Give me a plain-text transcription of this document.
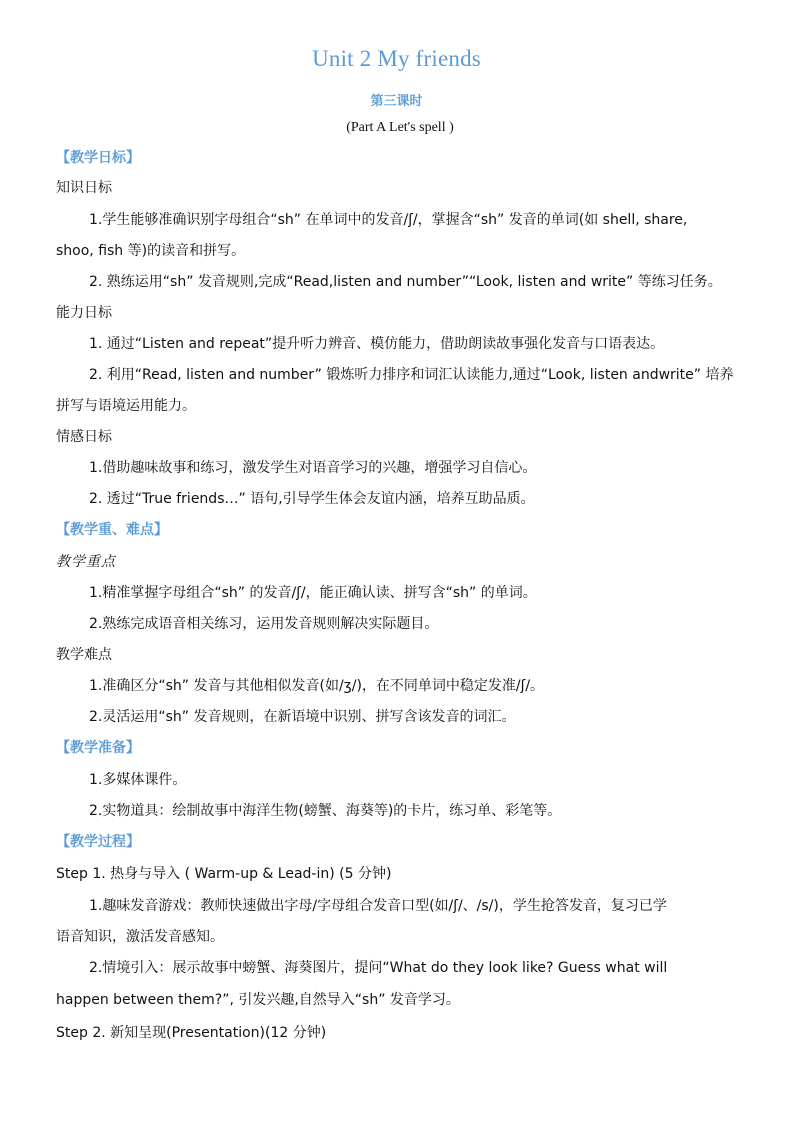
Unit 2 My friends
第三课时
(Part A Let's spell )
【教学日标】
知识日标
1.学生能够准确识别字母组合“sh” 在单词中的发音/ʃ/，掌握含“sh” 发音的单词(如 shell, share,
shoo, fish 等)的读音和拼写。
2. 熟练运用“sh” 发音规则,完成“Read,listen and number”“Look, listen and write” 等练习任务。
能力日标
1. 通过“Listen and repeat”提升听力辨音、模仿能力，借助朗读故事强化发音与口语表达。
2. 利用“Read, listen and number” 锻炼听力排序和词汇认读能力,通过“Look, listen andwrite” 培养
拼写与语境运用能力。
情感日标
1.借助趣味故事和练习，激发学生对语音学习的兴趣，增强学习自信心。
2. 透过“True friends…” 语句,引导学生体会友谊内涵，培养互助品质。
【教学重、难点】
教学重点
1.精准掌握字母组合“sh” 的发音/ʃ/，能正确认读、拼写含“sh” 的单词。
2.熟练完成语音相关练习，运用发音规则解决实际题目。
教学难点
1.准确区分“sh” 发音与其他相似发音(如/ʒ/)，在不同单词中稳定发准/ʃ/。
2.灵活运用“sh” 发音规则，在新语境中识别、拼写含该发音的词汇。
【教学准备】
1.多媒体课件。
2.实物道具：绘制故事中海洋生物(螃蟹、海葵等)的卡片，练习单、彩笔等。
【教学过程】
Step 1. 热身与导入 ( Warm-up & Lead-in) (5 分钟)
1.趣味发音游戏：教师快速做出字母/字母组合发音口型(如/ʃ/、/s/)，学生抢答发音，复习已学
语音知识，激活发音感知。
2.情境引入：展示故事中螃蟹、海葵图片，提问“What do they look like? Guess what will
happen between them?”, 引发兴趣,自然导入“sh” 发音学习。
Step 2. 新知呈现(Presentation)(12 分钟)
